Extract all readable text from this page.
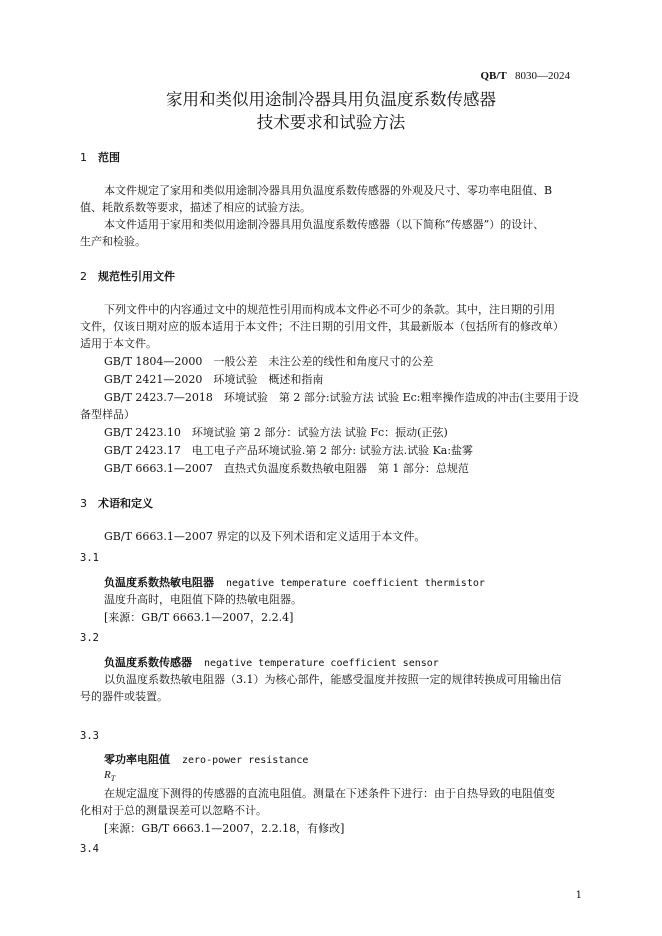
QB/T 8030—2024
家用和类似用途制冷器具用负温度系数传感器
技术要求和试验方法
1 范围
本文件规定了家用和类似用途制冷器具用负温度系数传感器的外观及尺寸、零功率电阻值、B
值、耗散系数等要求，描述了相应的试验方法。
本文件适用于家用和类似用途制冷器具用负温度系数传感器（以下简称“传感器”）的设计、
生产和检验。
2 规范性引用文件
下列文件中的内容通过文中的规范性引用而构成本文件必不可少的条款。其中，注日期的引用
文件，仅该日期对应的版本适用于本文件；不注日期的引用文件，其最新版本（包括所有的修改单）
适用于本文件。
GB/T 1804—2000　一般公差　未注公差的线性和角度尺寸的公差
GB/T 2421—2020　环境试验　概述和指南
GB/T 2423.7—2018　环境试验　第 2 部分:试验方法 试验 Ec:粗率操作造成的冲击(主要用于设
备型样品）
GB/T 2423.10　环境试验 第 2 部分：试验方法 试验 Fc：振动(正弦)
GB/T 2423.17　电工电子产品环境试验.第 2 部分: 试验方法.试验 Ka:盐雾
GB/T 6663.1—2007　直热式负温度系数热敏电阻器　第 1 部分：总规范
3 术语和定义
GB/T 6663.1—2007 界定的以及下列术语和定义适用于本文件。
3.1
负温度系数热敏电阻器 negative temperature coefficient thermistor
温度升高时，电阻值下降的热敏电阻器。
[来源：GB/T 6663.1—2007，2.2.4]
3.2
负温度系数传感器 negative temperature coefficient sensor
以负温度系数热敏电阻器（3.1）为核心部件，能感受温度并按照一定的规律转换成可用输出信
号的器件或装置。
3.3
零功率电阻值 zero-power resistance
$R_T$
在规定温度下测得的传感器的直流电阻值。测量在下述条件下进行：由于自热导致的电阻值变
化相对于总的测量误差可以忽略不计。
[来源：GB/T 6663.1—2007，2.2.18，有修改]
3.4
1
